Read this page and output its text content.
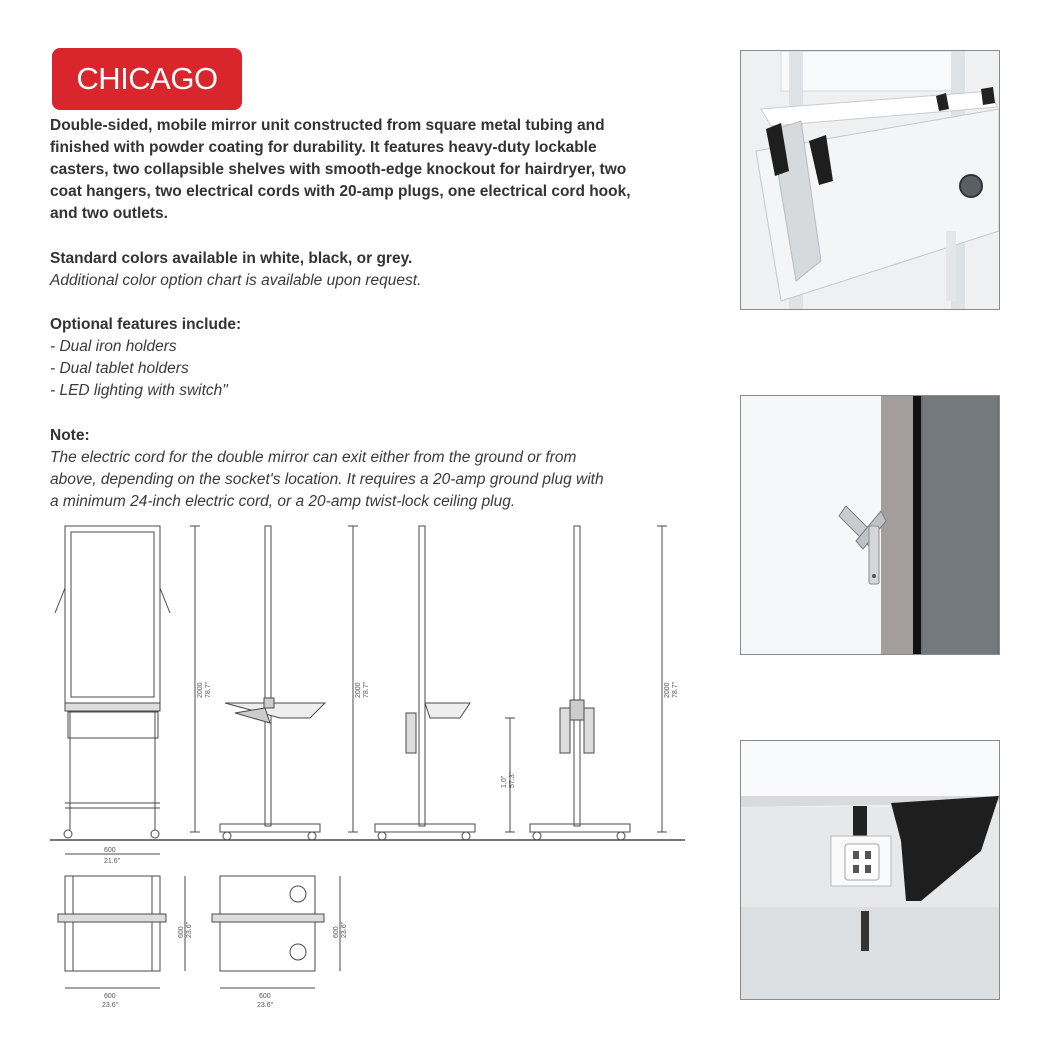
CHICAGO

Double-sided, mobile mirror unit constructed from square metal tubing and

finished with powder coating for durability. It features heavy-duty lockable

casters, two collapsible shelves with smooth-edge knockout for hairdryer, two

coat hangers, two electrical cords with 20-amp plugs, one electrical cord hook,

and two outlets.

Standard colors available in white, black, or grey.

Additional color option chart is available upon request.

Optional features include:

- Dual iron holders

- Dual tablet holders

- LED lighting with switch"

Note:

The electric cord for the double mirror can exit either from the ground or from

above, depending on the socket's location. It requires a 20-amp ground plug with

a minimum 24-inch electric cord, or a 20-amp twist-lock ceiling plug.

2000 78.7"	2000 78.7"
1,0” 57.3"
2000 78.7"
600
21.6"
600 23.6"	600 23.6"
600
23.6"
600
23.6"
